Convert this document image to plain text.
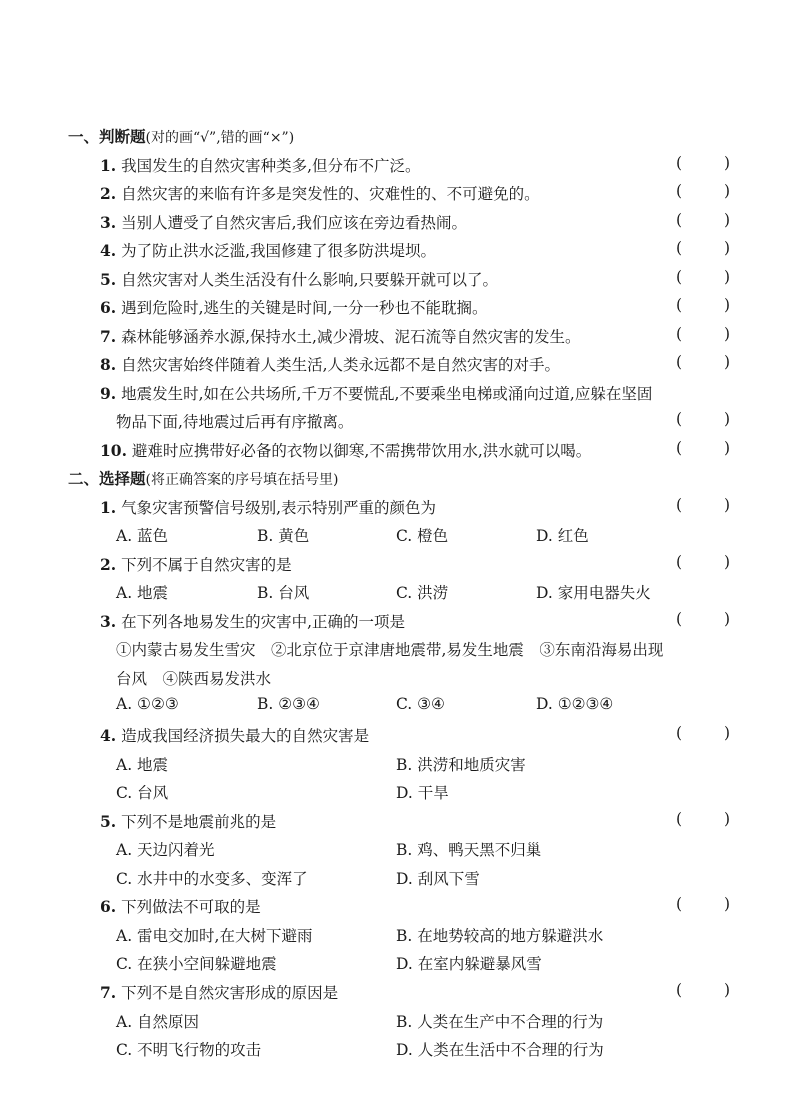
一、判断题(对的画“√”,错的画“×”)
1. 我国发生的自然灾害种类多,但分布不广泛。	(	)
2. 自然灾害的来临有许多是突发性的、灾难性的、不可避免的。	(	)
3. 当别人遭受了自然灾害后,我们应该在旁边看热闹。	(	)
4. 为了防止洪水泛滥,我国修建了很多防洪堤坝。	(	)
5. 自然灾害对人类生活没有什么影响,只要躲开就可以了。	(	)
6. 遇到危险时,逃生的关键是时间,一分一秒也不能耽搁。	(	)
7. 森林能够涵养水源,保持水土,减少滑坡、泥石流等自然灾害的发生。	(	)
8. 自然灾害始终伴随着人类生活,人类永远都不是自然灾害的对手。	(	)
9. 地震发生时,如在公共场所,千万不要慌乱,不要乘坐电梯或涌向过道,应躲在坚固
物品下面,待地震过后再有序撤离。	(	)
10. 避难时应携带好必备的衣物以御寒,不需携带饮用水,洪水就可以喝。	(	)
二、选择题(将正确答案的序号填在括号里)
1. 气象灾害预警信号级别,表示特别严重的颜色为	(	)
A. 蓝色	B. 黄色	C. 橙色	D. 红色
2. 下列不属于自然灾害的是	(	)
A. 地震	B. 台风	C. 洪涝	D. 家用电器失火
3. 在下列各地易发生的灾害中,正确的一项是	(	)
①内蒙古易发生雪灾　②北京位于京津唐地震带,易发生地震　③东南沿海易出现
台风　④陕西易发洪水
A. ①②③	B. ②③④	C. ③④	D. ①②③④
4. 造成我国经济损失最大的自然灾害是	(	)
A. 地震	B. 洪涝和地质灾害
C. 台风	D. 干旱
5. 下列不是地震前兆的是	(	)
A. 天边闪着光	B. 鸡、鸭天黑不归巢
C. 水井中的水变多、变浑了	D. 刮风下雪
6. 下列做法不可取的是	(	)
A. 雷电交加时,在大树下避雨	B. 在地势较高的地方躲避洪水
C. 在狭小空间躲避地震	D. 在室内躲避暴风雪
7. 下列不是自然灾害形成的原因是	(	)
A. 自然原因	B. 人类在生产中不合理的行为
C. 不明飞行物的攻击	D. 人类在生活中不合理的行为
